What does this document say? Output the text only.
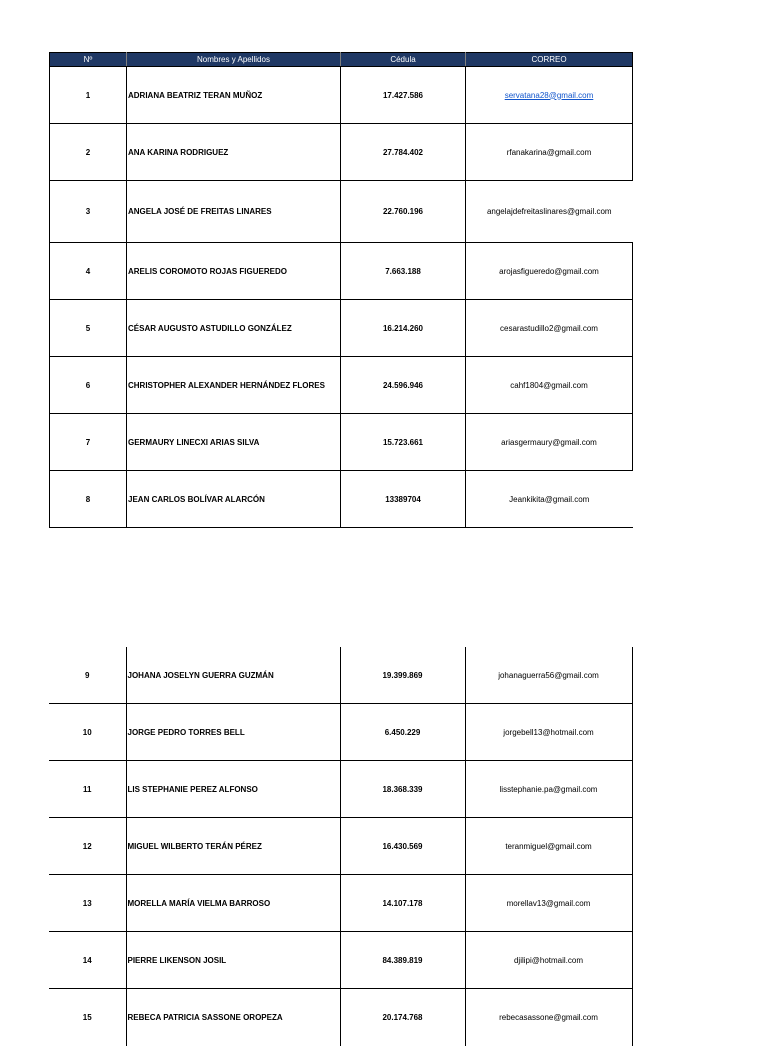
Nº	Nombres y Apellidos	Cédula	CORREO
1	ADRIANA BEATRIZ TERAN MUÑOZ	17.427.586	servatana28@gmail.com
2	ANA KARINA RODRIGUEZ	27.784.402	rfanakarina@gmail.com
3	ANGELA JOSÉ DE FREITAS LINARES	22.760.196	angelajdefreitaslinares@gmail.com
4	ARELIS COROMOTO ROJAS FIGUEREDO	7.663.188	arojasfigueredo@gmail.com
5	CÉSAR AUGUSTO ASTUDILLO GONZÁLEZ	16.214.260	cesarastudillo2@gmail.com
6	CHRISTOPHER ALEXANDER HERNÁNDEZ FLORES	24.596.946	cahf1804@gmail.com
7	GERMAURY LINECXI ARIAS SILVA	15.723.661	ariasgermaury@gmail.com
8	JEAN CARLOS BOLÍVAR ALARCÓN	13389704	Jeankikita@gmail.com
9	JOHANA JOSELYN GUERRA GUZMÁN	19.399.869	johanaguerra56@gmail.com
10	JORGE PEDRO TORRES BELL	6.450.229	jorgebell13@hotmail.com
11	LIS STEPHANIE PEREZ ALFONSO	18.368.339	lisstephanie.pa@gmail.com
12	MIGUEL WILBERTO TERÁN PÉREZ	16.430.569	teranmiguel@gmail.com
13	MORELLA MARÍA VIELMA BARROSO	14.107.178	morellav13@gmail.com
14	PIERRE LIKENSON JOSIL	84.389.819	djilipi@hotmail.com
15	REBECA PATRICIA SASSONE OROPEZA	20.174.768	rebecasassone@gmail.com
